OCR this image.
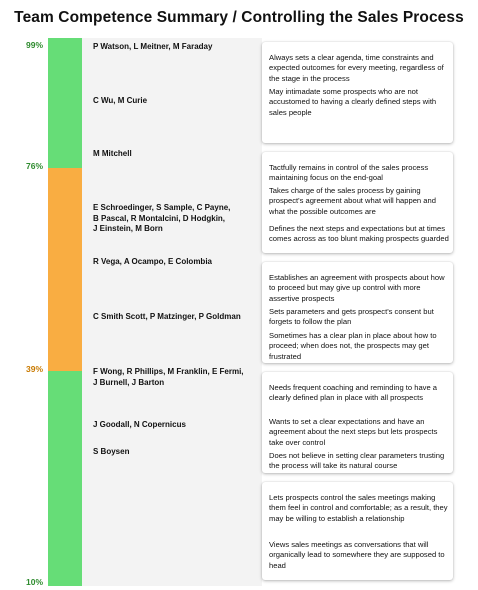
Team Competence Summary / Controlling the Sales Process
99%
76%
39%
10%
P Watson, L Meitner, M Faraday
C Wu, M Curie
M Mitchell
E Schroedinger, S Sample, C Payne,
B Pascal, R Montalcini, D Hodgkin,
J Einstein, M Born
R Vega, A Ocampo, E Colombia
C Smith Scott, P Matzinger, P Goldman
F Wong, R Phillips, M Franklin, E Fermi,
J Burnell, J Barton
J Goodall, N Copernicus
S Boysen
Always sets a clear agenda, time constraints and expected outcomes for every meeting, regardless of the stage in the process
May intimadate some prospects who are not accustomed to having a clearly defined steps with sales people
Tactfully remains in control of the sales process maintaining focus on the end-goal
Takes charge of the sales process by gaining prospect's agreement about what will happen and what the possible outcomes are
Defines the next steps and expectations but at times comes across as too blunt making prospects guarded
Establishes an agreement with prospects about how to proceed but may give up control with more assertive prospects
Sets parameters and gets prospect's consent but forgets to follow the plan
Sometimes has a clear plan in place about how to proceed; when does not, the prospects may get frustrated
Needs frequent coaching and reminding to have a clearly defined plan in place with all prospects
Wants to set a clear expectations and have an agreement about the next steps but lets prospects take over control
Does not believe in setting clear parameters trusting the process will take its natural course
Lets prospects control the sales meetings making them feel in control and comfortable; as a result, they may be willing to establish a relationship
Views sales meetings as conversations that will organically lead to somewhere they are supposed to head
